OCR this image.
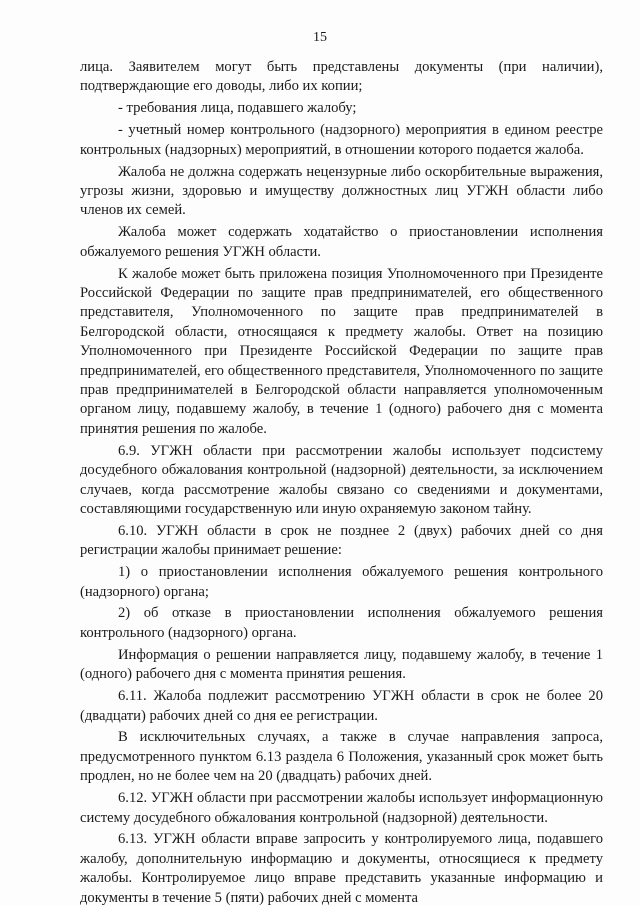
15

лица. Заявителем могут быть представлены документы (при наличии), подтверждающие его доводы, либо их копии;

- требования лица, подавшего жалобу;

- учетный номер контрольного (надзорного) мероприятия в едином реестре контрольных (надзорных) мероприятий, в отношении которого подается жалоба.

Жалоба не должна содержать нецензурные либо оскорбительные выражения, угрозы жизни, здоровью и имуществу должностных лиц УГЖН области либо членов их семей.

Жалоба может содержать ходатайство о приостановлении исполнения обжалуемого решения УГЖН области.

К жалобе может быть приложена позиция Уполномоченного при Президенте Российской Федерации по защите прав предпринимателей, его общественного представителя, Уполномоченного по защите прав предпринимателей в Белгородской области, относящаяся к предмету жалобы. Ответ на позицию Уполномоченного при Президенте Российской Федерации по защите прав предпринимателей, его общественного представителя, Уполномоченного по защите прав предпринимателей в Белгородской области направляется уполномоченным органом лицу, подавшему жалобу, в течение 1 (одного) рабочего дня с момента принятия решения по жалобе.

6.9. УГЖН области при рассмотрении жалобы использует подсистему досудебного обжалования контрольной (надзорной) деятельности, за исключением случаев, когда рассмотрение жалобы связано со сведениями и документами, составляющими государственную или иную охраняемую законом тайну.

6.10. УГЖН области в срок не позднее 2 (двух) рабочих дней со дня регистрации жалобы принимает решение:

1) о приостановлении исполнения обжалуемого решения контрольного (надзорного) органа;

2) об отказе в приостановлении исполнения обжалуемого решения контрольного (надзорного) органа.

Информация о решении направляется лицу, подавшему жалобу, в течение 1 (одного) рабочего дня с момента принятия решения.

6.11. Жалоба подлежит рассмотрению УГЖН области в срок не более 20 (двадцати) рабочих дней со дня ее регистрации.

В исключительных случаях, а также в случае направления запроса, предусмотренного пунктом 6.13 раздела 6 Положения, указанный срок может быть продлен, но не более чем на 20 (двадцать) рабочих дней.

6.12. УГЖН области при рассмотрении жалобы использует информационную систему досудебного обжалования контрольной (надзорной) деятельности.

6.13. УГЖН области вправе запросить у контролируемого лица, подавшего жалобу, дополнительную информацию и документы, относящиеся к предмету жалобы. Контролируемое лицо вправе представить указанные информацию и документы в течение 5 (пяти) рабочих дней с момента
